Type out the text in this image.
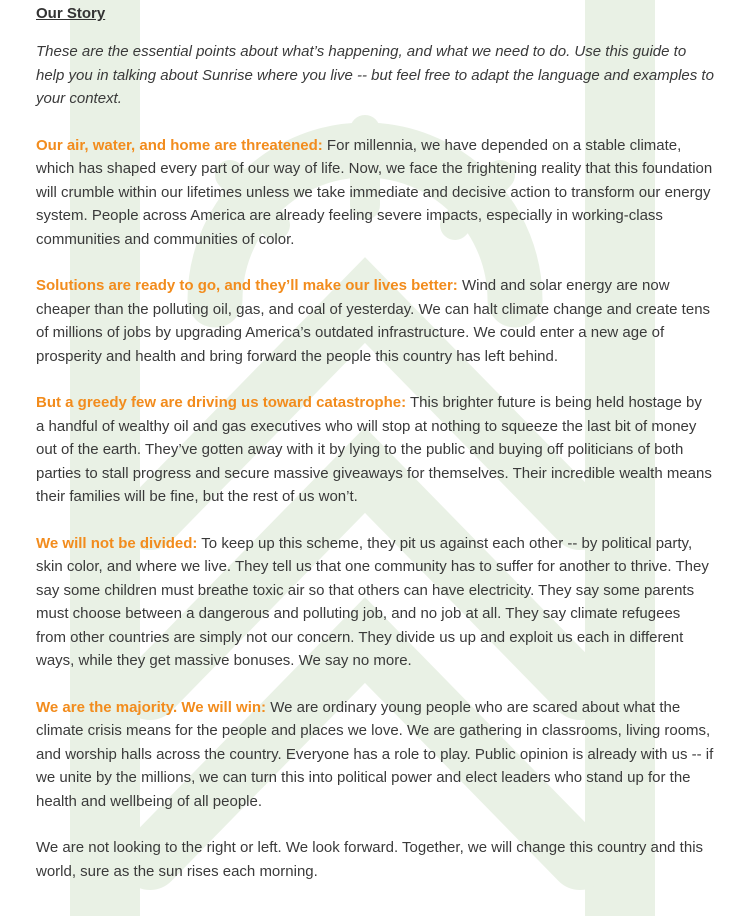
Our Story

These are the essential points about what’s happening, and what we need to do. Use this guide to help you in talking about Sunrise where you live -- but feel free to adapt the language and examples to your context.

Our air, water, and home are threatened: For millennia, we have depended on a stable climate, which has shaped every part of our way of life. Now, we face the frightening reality that this foundation will crumble within our lifetimes unless we take immediate and decisive action to transform our energy system. People across America are already feeling severe impacts, especially in working-class communities and communities of color.

Solutions are ready to go, and they’ll make our lives better: Wind and solar energy are now cheaper than the polluting oil, gas, and coal of yesterday. We can halt climate change and create tens of millions of jobs by upgrading America’s outdated infrastructure. We could enter a new age of prosperity and health and bring forward the people this country has left behind.

But a greedy few are driving us toward catastrophe: This brighter future is being held hostage by a handful of wealthy oil and gas executives who will stop at nothing to squeeze the last bit of money out of the earth. They’ve gotten away with it by lying to the public and buying off politicians of both parties to stall progress and secure massive giveaways for themselves. Their incredible wealth means their families will be fine, but the rest of us won’t.

We will not be divided: To keep up this scheme, they pit us against each other -- by political party, skin color, and where we live. They tell us that one community has to suffer for another to thrive. They say some children must breathe toxic air so that others can have electricity. They say some parents must choose between a dangerous and polluting job, and no job at all. They say climate refugees from other countries are simply not our concern. They divide us up and exploit us each in different ways, while they get massive bonuses. We say no more.

We are the majority. We will win: We are ordinary young people who are scared about what the climate crisis means for the people and places we love. We are gathering in classrooms, living rooms, and worship halls across the country. Everyone has a role to play. Public opinion is already with us -- if we unite by the millions, we can turn this into political power and elect leaders who stand up for the health and wellbeing of all people.

We are not looking to the right or left. We look forward. Together, we will change this country and this world, sure as the sun rises each morning.
